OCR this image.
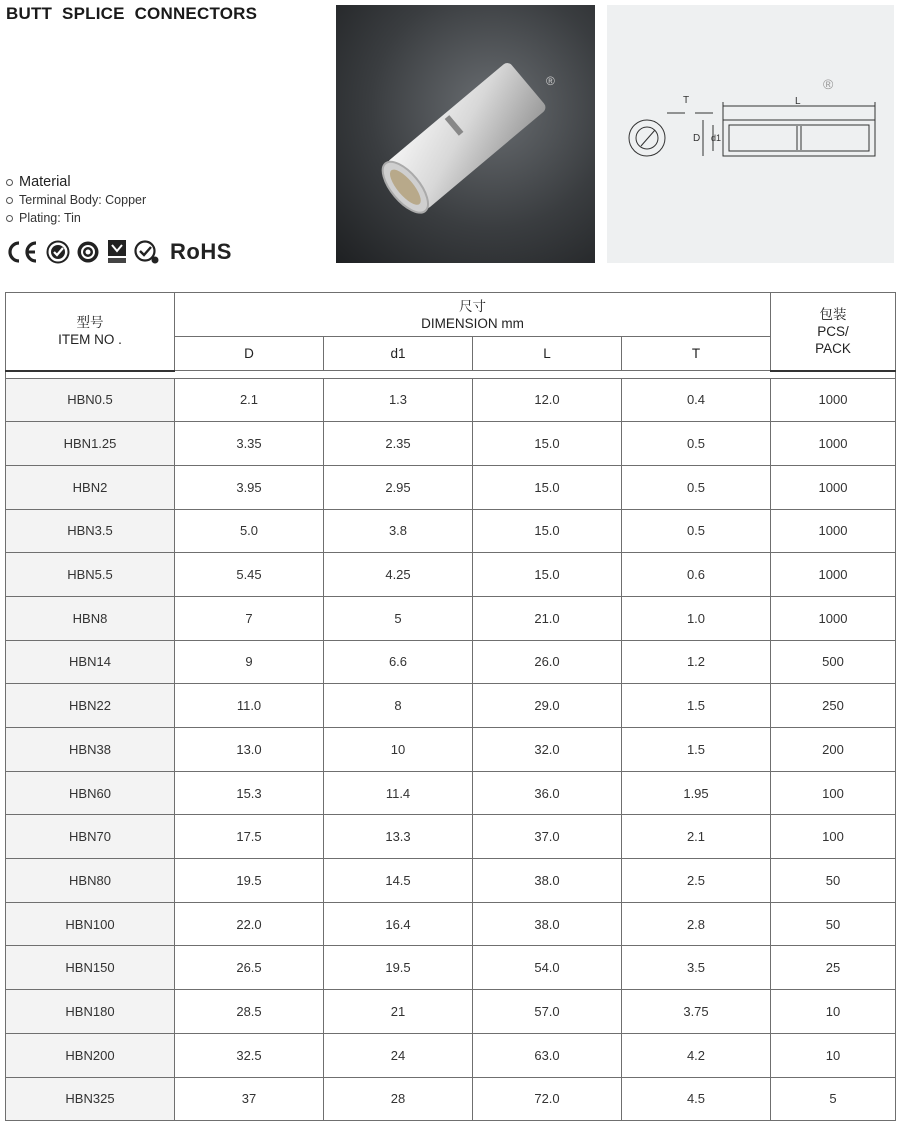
BUTT SPLICE CONNECTORS
Material
Terminal Body: Copper
Plating: Tin
RoHS
®
T	L
D d1
®
型号
ITEM NO .	尺寸
DIMENSION mm				包装
PCS/
PACK

	D	d1	L	T	

HBN0.5	2.1	1.3	12.0	0.4	1000
HBN1.25	3.35	2.35	15.0	0.5	1000
HBN2	3.95	2.95	15.0	0.5	1000
HBN3.5	5.0	3.8	15.0	0.5	1000
HBN5.5	5.45	4.25	15.0	0.6	1000
HBN8	7	5	21.0	1.0	1000
HBN14	9	6.6	26.0	1.2	500
HBN22	11.0	8	29.0	1.5	250
HBN38	13.0	10	32.0	1.5	200
HBN60	15.3	11.4	36.0	1.95	100
HBN70	17.5	13.3	37.0	2.1	100
HBN80	19.5	14.5	38.0	2.5	50
HBN100	22.0	16.4	38.0	2.8	50
HBN150	26.5	19.5	54.0	3.5	25
HBN180	28.5	21	57.0	3.75	10
HBN200	32.5	24	63.0	4.2	10
HBN325	37	28	72.0	4.5	5
